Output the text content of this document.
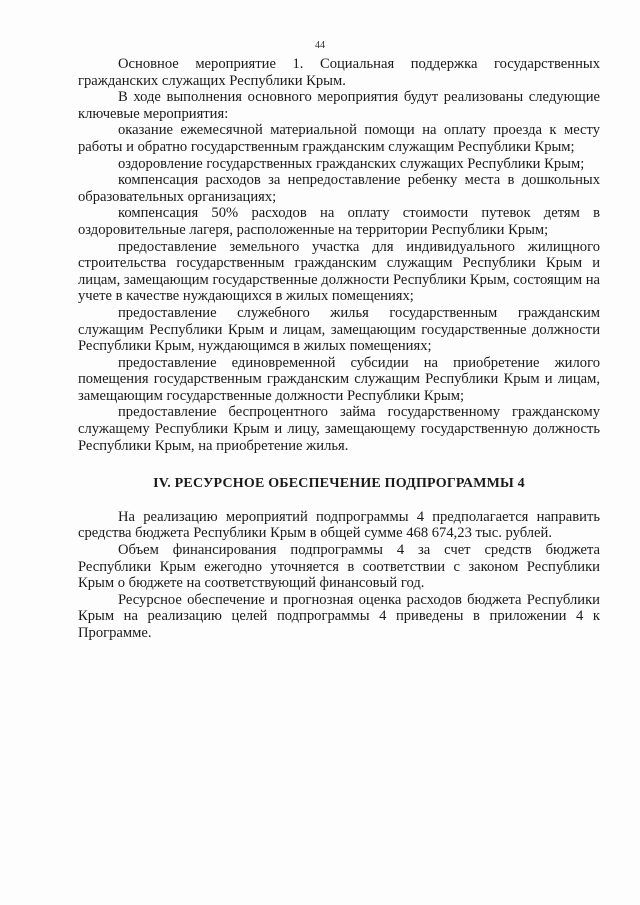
44

Основное мероприятие 1. Социальная поддержка государственных гражданских служащих Республики Крым.

В ходе выполнения основного мероприятия будут реализованы следующие ключевые мероприятия:

оказание ежемесячной материальной помощи на оплату проезда к месту работы и обратно государственным гражданским служащим Республики Крым;

оздоровление государственных гражданских служащих Республики Крым;

компенсация расходов за непредоставление ребенку места в дошкольных образовательных организациях;

компенсация 50% расходов на оплату стоимости путевок детям в оздоровительные лагеря, расположенные на территории Республики Крым;

предоставление земельного участка для индивидуального жилищного строительства государственным гражданским служащим Республики Крым и лицам, замещающим государственные должности Республики Крым, состоящим на учете в качестве нуждающихся в жилых помещениях;

предоставление служебного жилья государственным гражданским служащим Республики Крым и лицам, замещающим государственные должности Республики Крым, нуждающимся в жилых помещениях;

предоставление единовременной субсидии на приобретение жилого помещения государственным гражданским служащим Республики Крым и лицам, замещающим государственные должности Республики Крым;

предоставление беспроцентного займа государственному гражданскому служащему Республики Крым и лицу, замещающему государственную должность Республики Крым, на приобретение жилья.

IV. РЕСУРСНОЕ ОБЕСПЕЧЕНИЕ ПОДПРОГРАММЫ 4

На реализацию мероприятий подпрограммы 4 предполагается направить средства бюджета Республики Крым в общей сумме 468 674,23 тыс. рублей.

Объем финансирования подпрограммы 4 за счет средств бюджета Республики Крым ежегодно уточняется в соответствии с законом Республики Крым о бюджете на соответствующий финансовый год.

Ресурсное обеспечение и прогнозная оценка расходов бюджета Республики Крым на реализацию целей подпрограммы 4 приведены в приложении 4 к Программе.
